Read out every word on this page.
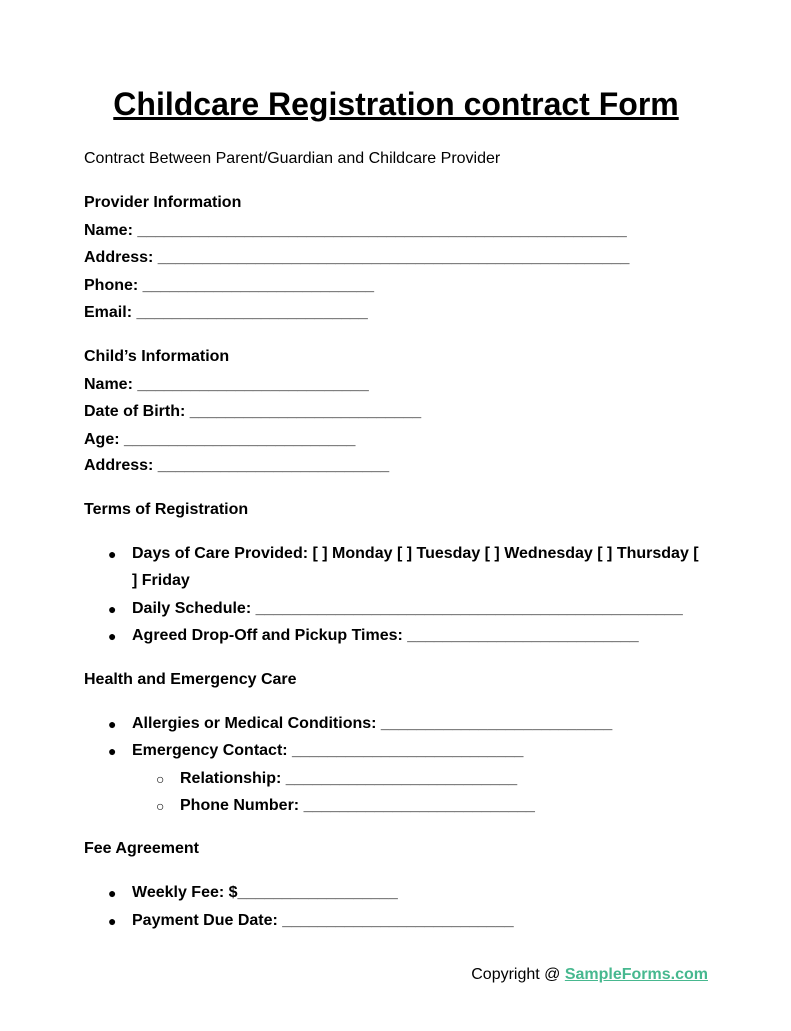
Childcare Registration contract Form
Contract Between Parent/Guardian and Childcare Provider
Provider Information
Name: _______________________________________________________
Address: _____________________________________________________
Phone: __________________________
Email: __________________________
Child’s Information
Name: __________________________
Date of Birth: __________________________
Age: __________________________
Address: __________________________
Terms of Registration
● Days of Care Provided: [ ] Monday [ ] Tuesday [ ] Wednesday [ ] Thursday [
] Friday
● Daily Schedule: ________________________________________________
● Agreed Drop-Off and Pickup Times: __________________________
Health and Emergency Care
● Allergies or Medical Conditions: __________________________
● Emergency Contact: __________________________
○ Relationship: __________________________
○ Phone Number: __________________________
Fee Agreement
● Weekly Fee: $__________________
● Payment Due Date: __________________________
Copyright @ SampleForms.com
